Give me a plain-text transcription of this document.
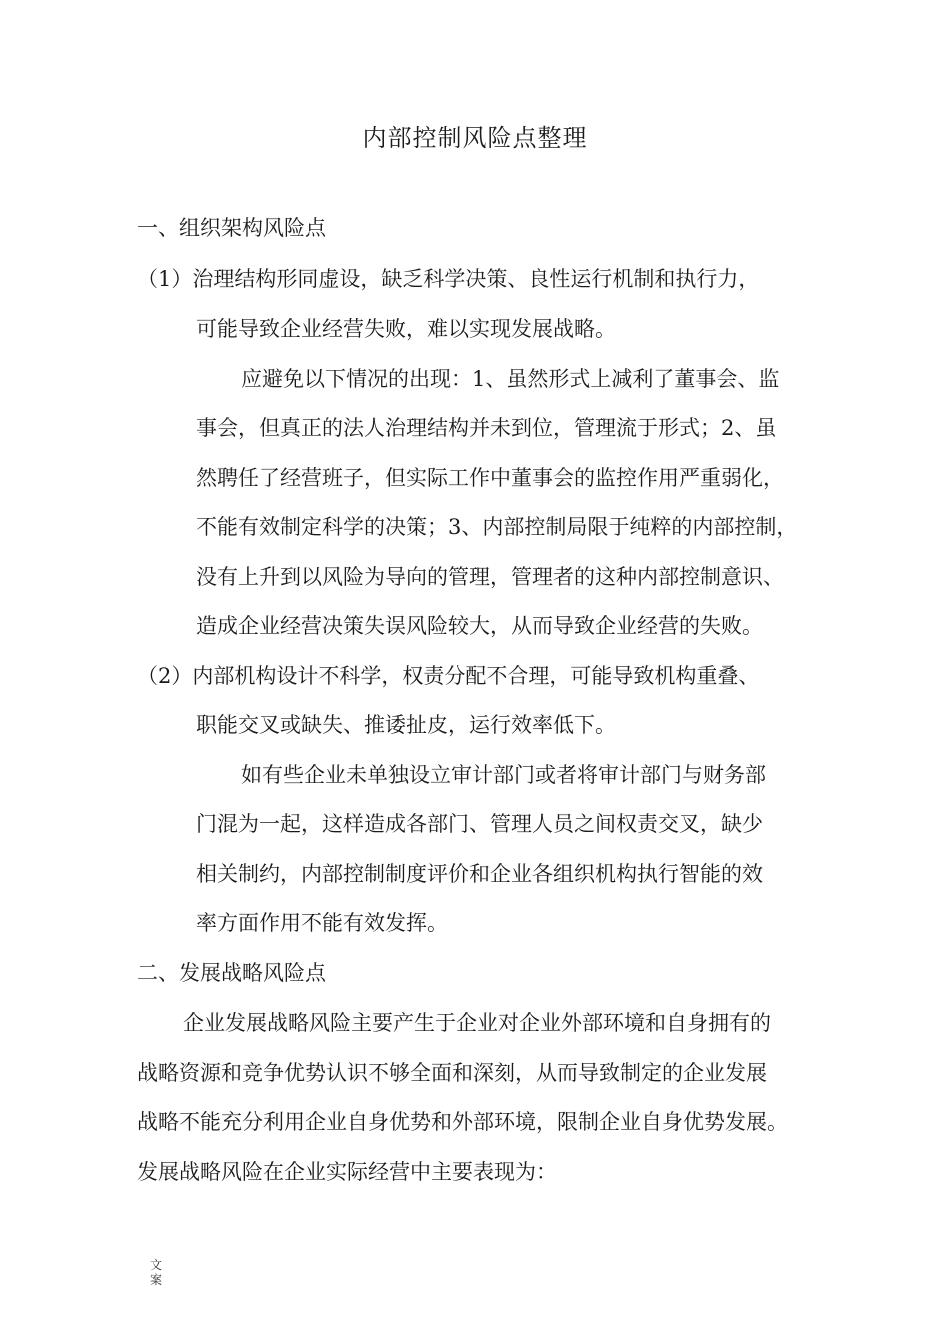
内部控制风险点整理
一、组织架构风险点
（1）治理结构形同虚设，缺乏科学决策、良性运行机制和执行力，
可能导致企业经营失败，难以实现发展战略。
应避免以下情况的出现：1、虽然形式上减利了董事会、监
事会，但真正的法人治理结构并未到位，管理流于形式；2、虽
然聘任了经营班子，但实际工作中董事会的监控作用严重弱化，
不能有效制定科学的决策；3、内部控制局限于纯粹的内部控制，
没有上升到以风险为导向的管理，管理者的这种内部控制意识、
造成企业经营决策失误风险较大，从而导致企业经营的失败。
（2）内部机构设计不科学，权责分配不合理，可能导致机构重叠、
职能交叉或缺失、推诿扯皮，运行效率低下。
如有些企业未单独设立审计部门或者将审计部门与财务部
门混为一起，这样造成各部门、管理人员之间权责交叉，缺少
相关制约，内部控制制度评价和企业各组织机构执行智能的效
率方面作用不能有效发挥。
二、发展战略风险点
企业发展战略风险主要产生于企业对企业外部环境和自身拥有的
战略资源和竞争优势认识不够全面和深刻，从而导致制定的企业发展
战略不能充分利用企业自身优势和外部环境，限制企业自身优势发展。
发展战略风险在企业实际经营中主要表现为：
文案
